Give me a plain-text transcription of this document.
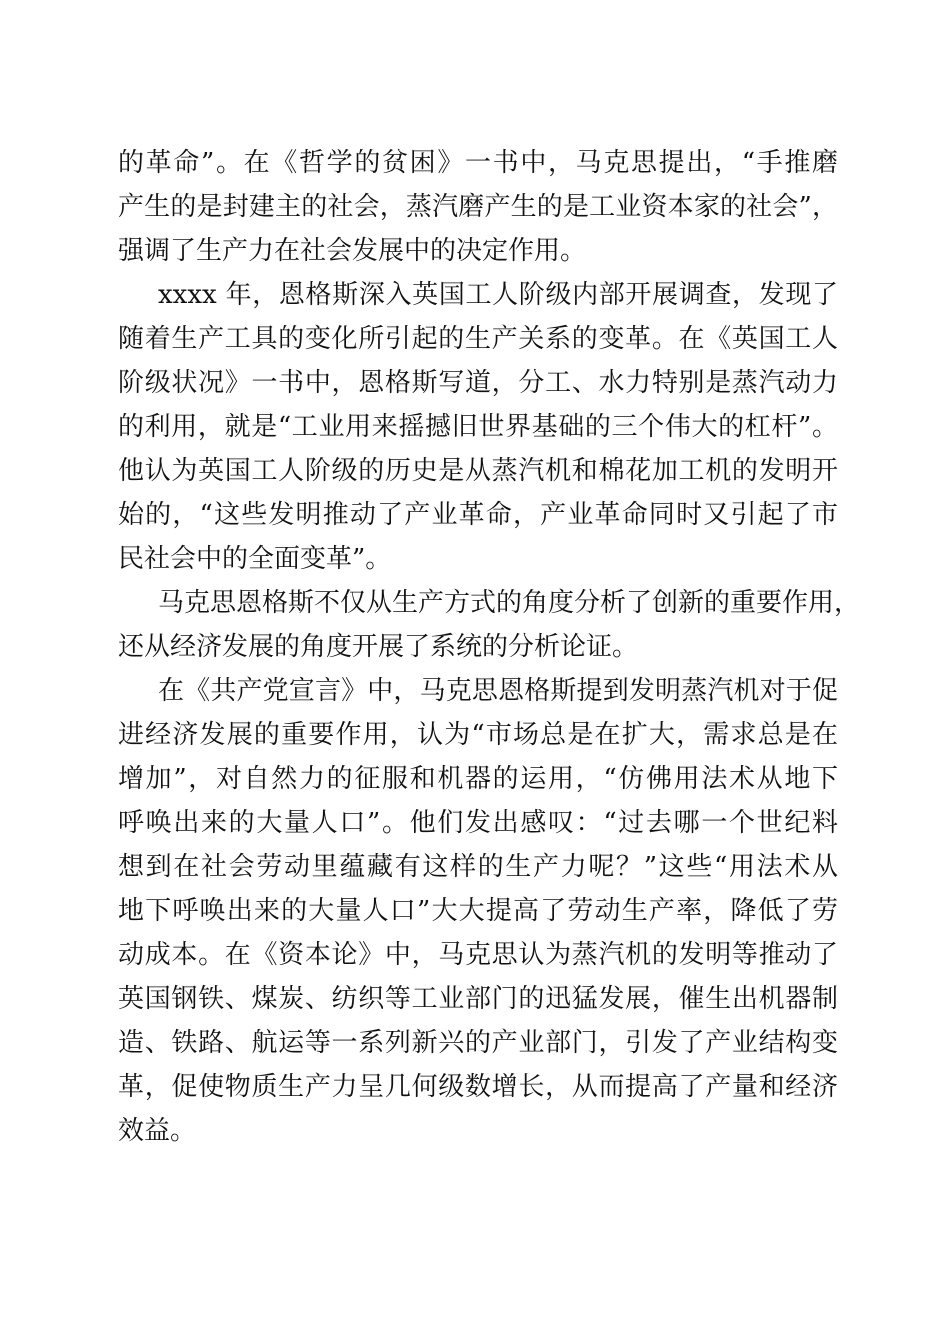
的革命”。在《哲学的贫困》一书中，马克思提出，“手推磨
产生的是封建主的社会，蒸汽磨产生的是工业资本家的社会”，
强调了生产力在社会发展中的决定作用。
xxxx 年，恩格斯深入英国工人阶级内部开展调查，发现了
随着生产工具的变化所引起的生产关系的变革。在《英国工人
阶级状况》一书中，恩格斯写道，分工、水力特别是蒸汽动力
的利用，就是“工业用来摇撼旧世界基础的三个伟大的杠杆”。
他认为英国工人阶级的历史是从蒸汽机和棉花加工机的发明开
始的，“这些发明推动了产业革命，产业革命同时又引起了市
民社会中的全面变革”。
马克思恩格斯不仅从生产方式的角度分析了创新的重要作用，
还从经济发展的角度开展了系统的分析论证。
在《共产党宣言》中，马克思恩格斯提到发明蒸汽机对于促
进经济发展的重要作用，认为“市场总是在扩大，需求总是在
增加”，对自然力的征服和机器的运用，“仿佛用法术从地下
呼唤出来的大量人口”。他们发出感叹：“过去哪一个世纪料
想到在社会劳动里蕴藏有这样的生产力呢？”这些“用法术从
地下呼唤出来的大量人口”大大提高了劳动生产率，降低了劳
动成本。在《资本论》中，马克思认为蒸汽机的发明等推动了
英国钢铁、煤炭、纺织等工业部门的迅猛发展，催生出机器制
造、铁路、航运等一系列新兴的产业部门，引发了产业结构变
革，促使物质生产力呈几何级数增长，从而提高了产量和经济
效益。
